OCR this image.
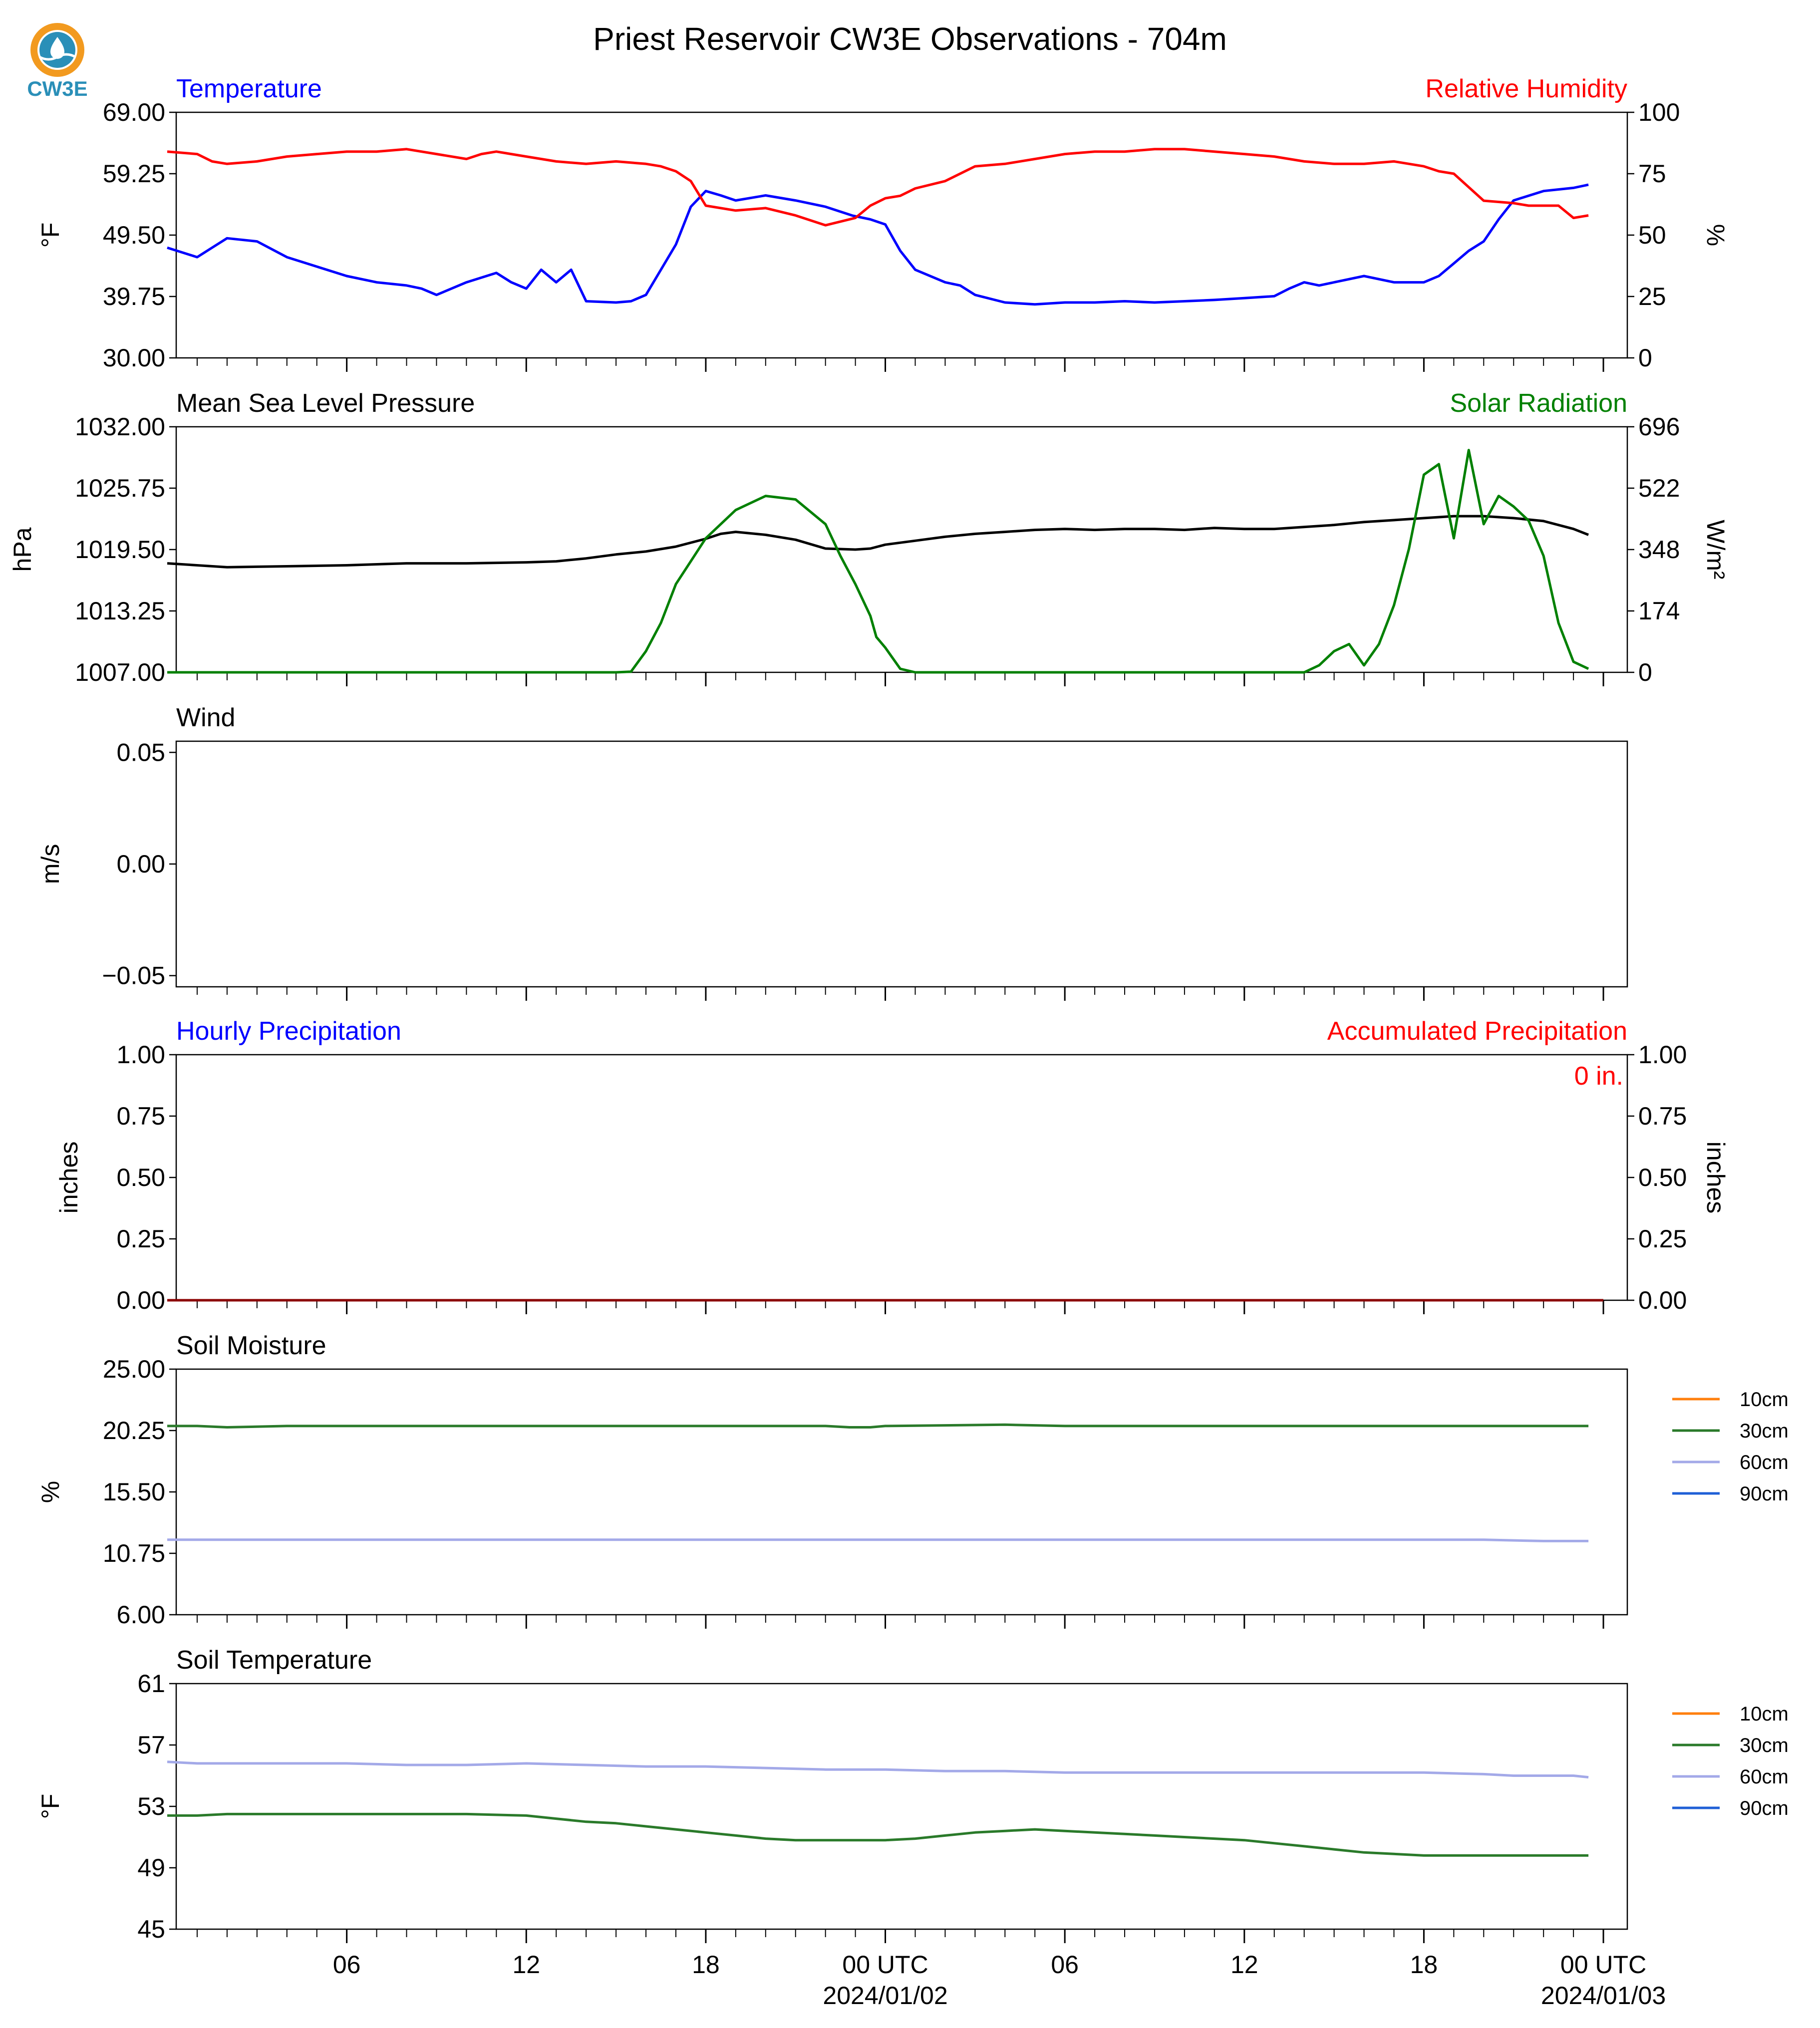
CW3E
Priest Reservoir CW3E Observations - 704m
30.00
39.75
49.50
59.25
69.00
0
25
50
75
100
Temperature	Relative Humidity
°F	%
1007.00
1013.25
1019.50
1025.75
1032.00
0
174
348
522
696
Mean Sea Level Pressure	Solar Radiation
hPa	W/m²
−0.05
0.00
0.05
Wind
m/s
0.00
0.25
0.50
0.75
1.00
0.00
0.25
0.50
0.75
1.00
Hourly Precipitation	Accumulated Precipitation
inches	inches
0 in.
6.00
10.75
15.50
20.25
25.00
Soil Moisture
%
10cm
30cm
60cm
90cm
45
49
53
57
61
Soil Temperature
°F
10cm
30cm
60cm
90cm
06	12	18	00 UTC	06	12	18	00 UTC
2024/01/02	2024/01/03
